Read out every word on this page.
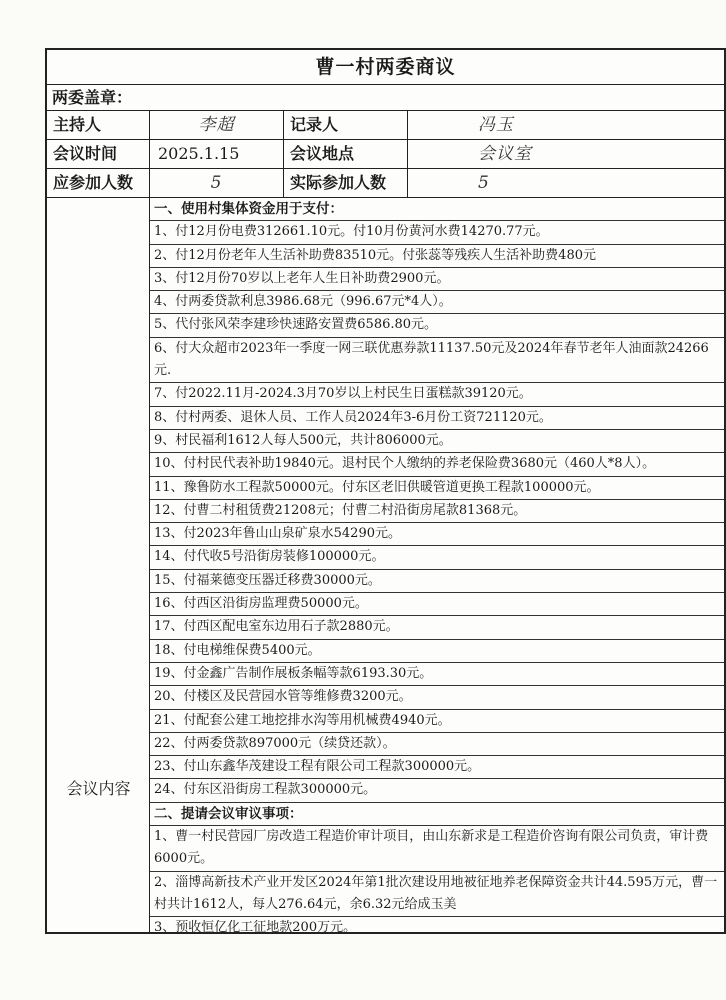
曹一村两委商议
两委盖章：
主持人	李超	记录人	冯玉
会议时间	2025.1.15	会议地点	会议室
应参加人数	5	实际参加人数	5
会议内容
一、使用村集体资金用于支付：
1、付12月份电费312661.10元。付10月份黄河水费14270.77元。
2、付12月份老年人生活补助费83510元。付张蕊等残疾人生活补助费480元
3、付12月份70岁以上老年人生日补助费2900元。
4、付两委贷款利息3986.68元（996.67元*4人）。
5、代付张风荣李建珍快速路安置费6586.80元。
6、付大众超市2023年一季度一网三联优惠券款11137.50元及2024年春节老年人油面款24266元.
7、付2022.11月-2024.3月70岁以上村民生日蛋糕款39120元。
8、付村两委、退休人员、工作人员2024年3-6月份工资721120元。
9、村民福利1612人每人500元，共计806000元。
10、付村民代表补助19840元。退村民个人缴纳的养老保险费3680元（460人*8人）。
11、豫鲁防水工程款50000元。付东区老旧供暖管道更换工程款100000元。
12、付曹二村租赁费21208元；付曹二村沿街房尾款81368元。
13、付2023年鲁山山泉矿泉水54290元。
14、付代收5号沿街房装修100000元。
15、付福莱德变压器迁移费30000元。
16、付西区沿街房监理费50000元。
17、付西区配电室东边用石子款2880元。
18、付电梯维保费5400元。
19、付金鑫广告制作展板条幅等款6193.30元。
20、付楼区及民营园水管等维修费3200元。
21、付配套公建工地挖排水沟等用机械费4940元。
22、付两委贷款897000元（续贷还款）。
23、付山东鑫华茂建设工程有限公司工程款300000元。
24、付东区沿街房工程款300000元。
二、提请会议审议事项：
1、曹一村民营园厂房改造工程造价审计项目，由山东新求是工程造价咨询有限公司负责，审计费6000元。
2、淄博高新技术产业开发区2024年第1批次建设用地被征地养老保障资金共计44.595万元，曹一村共计1612人，每人276.64元，余6.32元给成玉美
3、预收恒亿化工征地款200万元。
